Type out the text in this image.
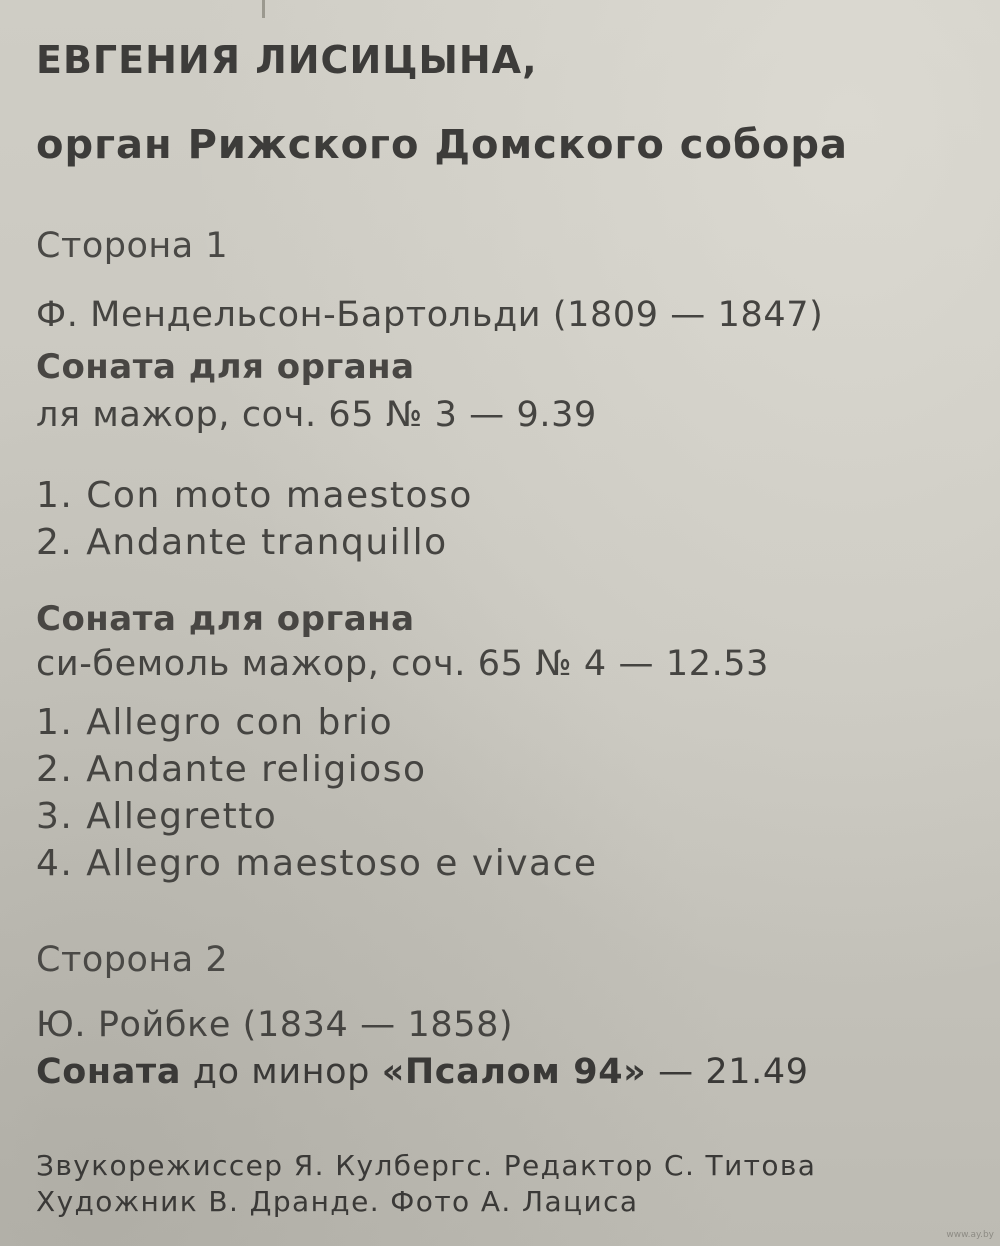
ЕВГЕНИЯ ЛИСИЦЫНА,
орган Рижского Домского собора
Сторона 1
Ф. Мендельсон-Бартольди (1809 — 1847)
Соната для органа
ля мажор, соч. 65 № 3 — 9.39
1. Con moto maestoso
2. Andante tranquillo
Соната для органа
си-бемоль мажор, соч. 65 № 4 — 12.53
1. Allegro con brio
2. Andante religioso
3. Allegretto
4. Allegro maestoso e vivace
Сторона 2
Ю. Ройбке (1834 — 1858)
Соната до минор «Псалом 94» — 21.49
Звукорежиссер Я. Кулбергс. Редактор С. Титова
Художник В. Дранде. Фото А. Лациса
www.ay.by
